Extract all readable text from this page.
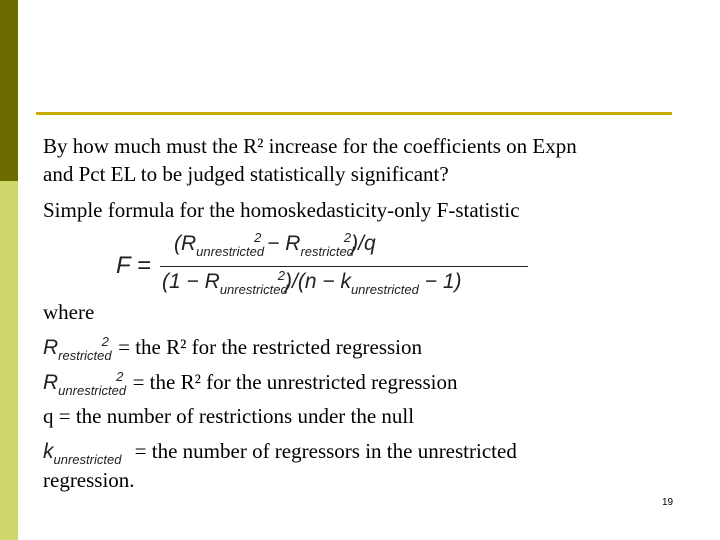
By how much must the R² increase for the coefficients on Expn
and Pct EL to be judged statistically significant?
Simple formula for the homoskedasticity-only F-statistic
F =
$(R_{unrestricted}^2 - R_{restricted}^2)/q$
$(1 - R_{unrestricted}^2)/(n - k_{unrestricted} - 1)$
where
$R_{restricted}^2$ = the R² for the restricted regression
$R_{unrestricted}^2$ = the R² for the unrestricted regression
q = the number of restrictions under the null
$k_{unrestricted}$ = the number of regressors in the unrestricted
regression.
19
